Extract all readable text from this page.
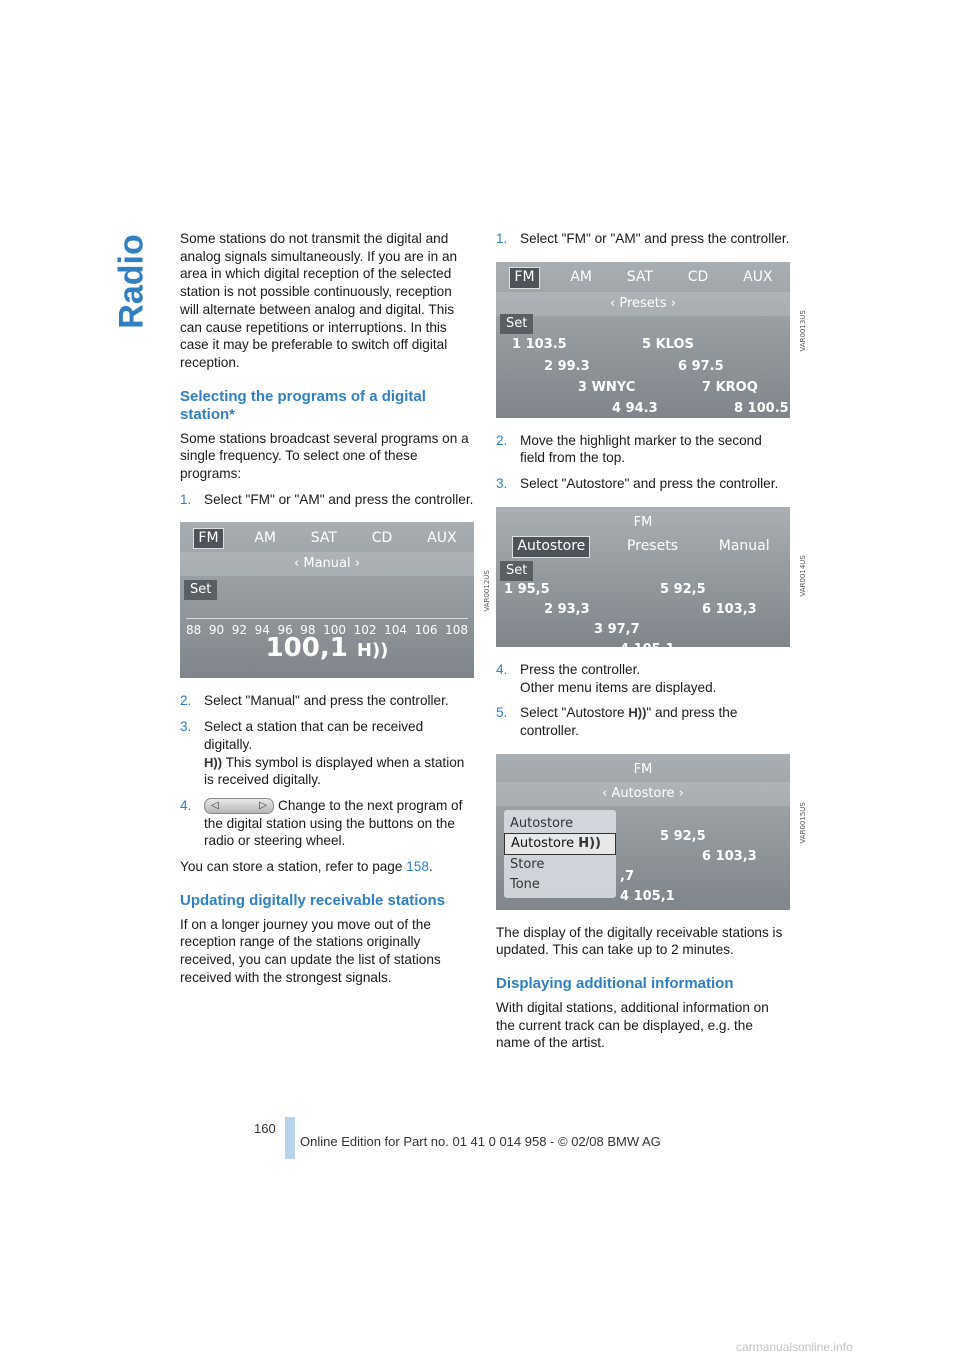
Radio Some stations do not transmit the digital and analog signals simultaneously. If you are in an area in which digital reception of the selected station is not possible continuously, reception will alternate between analog and digital. This can cause repetitions or interruptions. In this case it may be preferable to switch off digital reception.

Selecting the programs of a digital station*

Some stations broadcast several programs on a single frequency. To select one of these programs:

1. Select "FM" or "AM" and press the controller.
FM	AM SAT CD AUX
‹ Manual ›
Set
88 90 92 94 96 98 100 102 104 106 108
100,1 H))
VAR0012US
2. Select "Manual" and press the controller.
3. Select a station that can be received digitally.
H)) This symbol is displayed when a station is received digitally.
4.
◁ ▷	Change to the next program of the digital station using the buttons on the radio or steering wheel.

You can store a station, refer to page 158.

Updating digitally receivable stations

If on a longer journey you move out of the reception range of the stations originally received, you can update the list of stations received with the strongest signals.

1. Select "FM" or "AM" and press the controller.
FM	AM SAT CD AUX
‹ Presets ›
Set
1 103.5
2 99.3
3 WNYC
4 94.3
5 KLOS
6 97.5
7 KROQ
8 100.5
VAR0013US
2. Move the highlight marker to the second field from the top.
3. Select "Autostore" and press the controller.
FM
Autostore	Presets	Manual
Set
1 95,5
2 93,3
3 97,7
4 105,1
5 92,5
6 103,3
VAR0014US
4. Press the controller.
Other menu items are displayed.
5. Select "Autostore H))" and press the controller.
FM
‹ Autostore ›
5 92,5
6 103,3
,7
4 105,1
Autostore
Autostore H))
Store
Tone
VAR0015US

The display of the digitally receivable stations is updated. This can take up to 2 minutes.

Displaying additional information

With digital stations, additional information on the current track can be displayed, e.g. the name of the artist.

160
Online Edition for Part no. 01 41 0 014 958 - © 02/08 BMW AG
carmanualsonline.info
